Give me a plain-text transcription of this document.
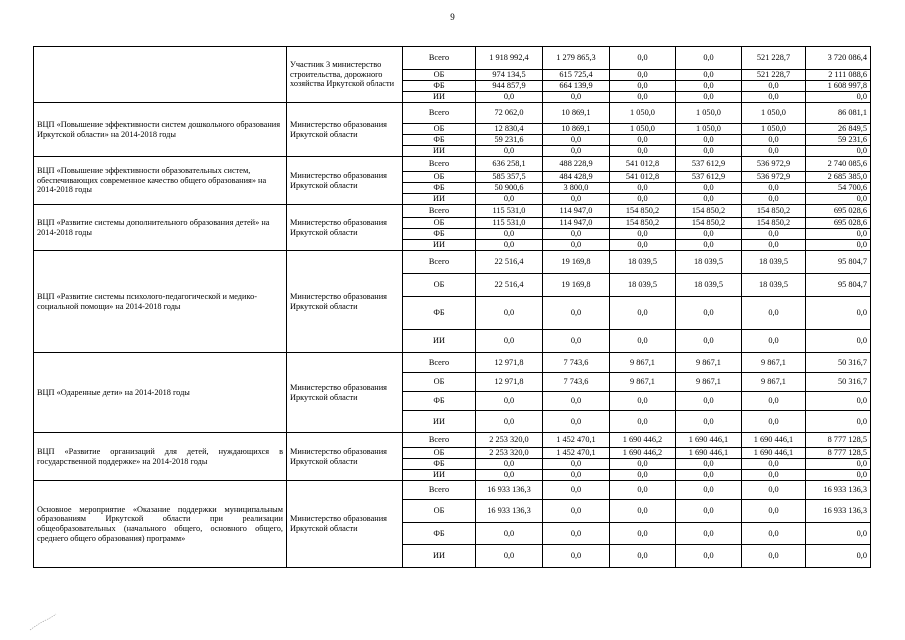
9
	Участник 3 министерство строительства, дорожного хозяйства Иркутской области	Всего	1 918 992,4	1 279 865,3	0,0	0,0	521 228,7	3 720 086,4
		ОБ	974 134,5	615 725,4	0,0	0,0	521 228,7	2 111 088,6
		ФБ	944 857,9	664 139,9	0,0	0,0	0,0	1 608 997,8
		ИИ	0,0	0,0	0,0	0,0	0,0	0,0
ВЦП «Повышение эффективности систем дошкольного образования Иркутской области» на 2014-2018 годы	Министерство образования Иркутской области	Всего	72 062,0	10 869,1	1 050,0	1 050,0	1 050,0	86 081,1
		ОБ	12 830,4	10 869,1	1 050,0	1 050,0	1 050,0	26 849,5
		ФБ	59 231,6	0,0	0,0	0,0	0,0	59 231,6
		ИИ	0,0	0,0	0,0	0,0	0,0	0,0
ВЦП «Повышение эффективности образовательных систем, обеспечивающих современное качество общего образования» на 2014-2018 годы	Министерство образования Иркутской области	Всего	636 258,1	488 228,9	541 012,8	537 612,9	536 972,9	2 740 085,6
		ОБ	585 357,5	484 428,9	541 012,8	537 612,9	536 972,9	2 685 385,0
		ФБ	50 900,6	3 800,0	0,0	0,0	0,0	54 700,6
		ИИ	0,0	0,0	0,0	0,0	0,0	0,0
ВЦП «Развитие системы дополнительного образования детей» на 2014-2018 годы	Министерство образования Иркутской области	Всего	115 531,0	114 947,0	154 850,2	154 850,2	154 850,2	695 028,6
		ОБ	115 531,0	114 947,0	154 850,2	154 850,2	154 850,2	695 028,6
		ФБ	0,0	0,0	0,0	0,0	0,0	0,0
		ИИ	0,0	0,0	0,0	0,0	0,0	0,0
ВЦП «Развитие системы психолого-педагогической и медико-социальной помощи» на 2014-2018 годы	Министерство образования Иркутской области	Всего	22 516,4	19 169,8	18 039,5	18 039,5	18 039,5	95 804,7
		ОБ	22 516,4	19 169,8	18 039,5	18 039,5	18 039,5	95 804,7
		ФБ	0,0	0,0	0,0	0,0	0,0	0,0
		ИИ	0,0	0,0	0,0	0,0	0,0	0,0
ВЦП «Одаренные дети» на 2014-2018 годы	Министерство образования Иркутской области	Всего	12 971,8	7 743,6	9 867,1	9 867,1	9 867,1	50 316,7
		ОБ	12 971,8	7 743,6	9 867,1	9 867,1	9 867,1	50 316,7
		ФБ	0,0	0,0	0,0	0,0	0,0	0,0
		ИИ	0,0	0,0	0,0	0,0	0,0	0,0
ВЦП «Развитие организаций для детей, нуждающихся в государственной поддержке» на 2014-2018 годы	Министерство образования Иркутской области	Всего	2 253 320,0	1 452 470,1	1 690 446,2	1 690 446,1	1 690 446,1	8 777 128,5
		ОБ	2 253 320,0	1 452 470,1	1 690 446,2	1 690 446,1	1 690 446,1	8 777 128,5
		ФБ	0,0	0,0	0,0	0,0	0,0	0,0
		ИИ	0,0	0,0	0,0	0,0	0,0	0,0
Основное мероприятие «Оказание поддержки муниципальным образованиям Иркутской области при реализации общеобразовательных (начального общего, основного общего, среднего общего образования) программ»	Министерство образования Иркутской области	Всего	16 933 136,3	0,0	0,0	0,0	0,0	16 933 136,3
		ОБ	16 933 136,3	0,0	0,0	0,0	0,0	16 933 136,3
		ФБ	0,0	0,0	0,0	0,0	0,0	0,0
		ИИ	0,0	0,0	0,0	0,0	0,0	0,0
